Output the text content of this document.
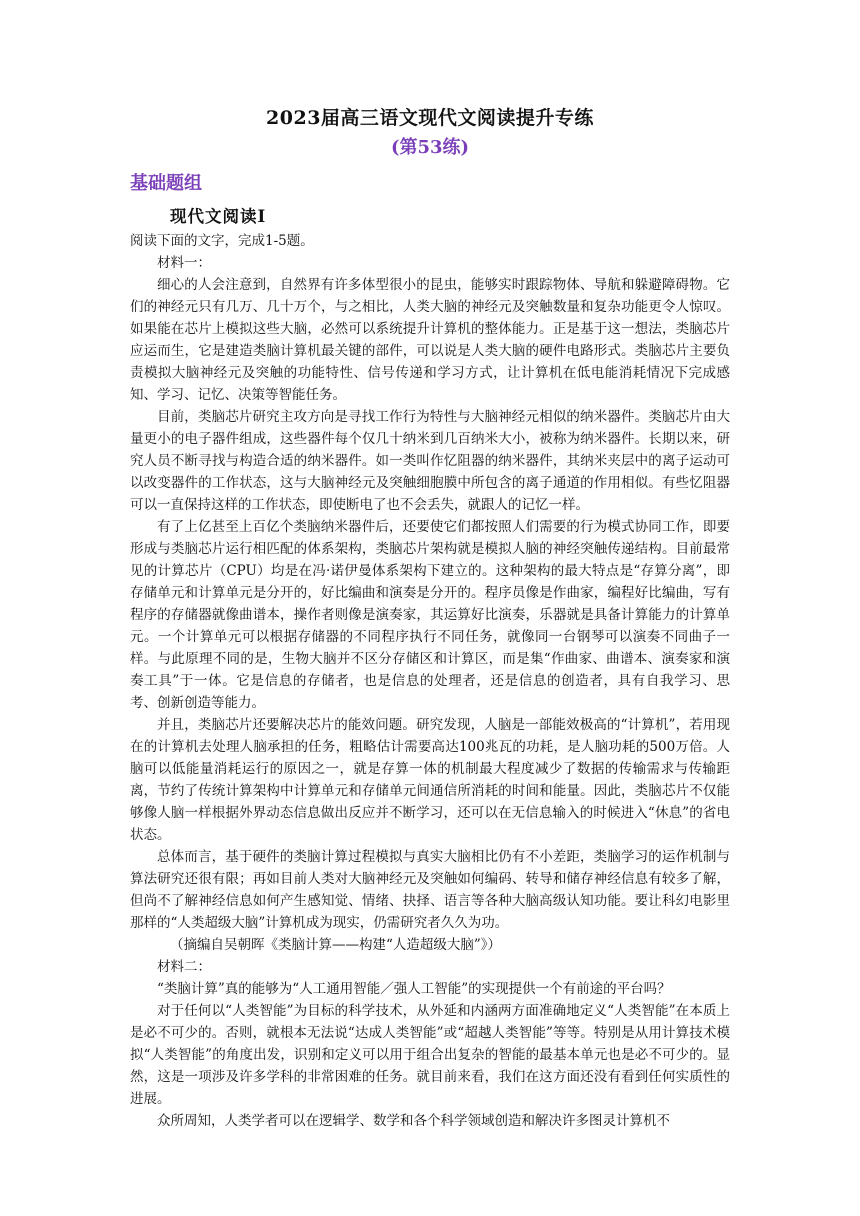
2023届高三语文现代文阅读提升专练
(第53练)
基础题组
现代文阅读Ⅰ

阅读下面的文字，完成1-5题。

材料一：

细心的人会注意到，自然界有许多体型很小的昆虫，能够实时跟踪物体、导航和躲避障碍物。它们的神经元只有几万、几十万个，与之相比，人类大脑的神经元及突触数量和复杂功能更令人惊叹。如果能在芯片上模拟这些大脑，必然可以系统提升计算机的整体能力。正是基于这一想法，类脑芯片应运而生，它是建造类脑计算机最关键的部件，可以说是人类大脑的硬件电路形式。类脑芯片主要负责模拟大脑神经元及突触的功能特性、信号传递和学习方式，让计算机在低电能消耗情况下完成感知、学习、记忆、决策等智能任务。

目前，类脑芯片研究主攻方向是寻找工作行为特性与大脑神经元相似的纳米器件。类脑芯片由大量更小的电子器件组成，这些器件每个仅几十纳米到几百纳米大小，被称为纳米器件。长期以来，研究人员不断寻找与构造合适的纳米器件。如一类叫作忆阻器的纳米器件，其纳米夹层中的离子运动可以改变器件的工作状态，这与大脑神经元及突触细胞膜中所包含的离子通道的作用相似。有些忆阻器可以一直保持这样的工作状态，即使断电了也不会丢失，就跟人的记忆一样。

有了上亿甚至上百亿个类脑纳米器件后，还要使它们都按照人们需要的行为模式协同工作，即要形成与类脑芯片运行相匹配的体系架构，类脑芯片架构就是模拟人脑的神经突触传递结构。目前最常见的计算芯片（CPU）均是在冯·诺伊曼体系架构下建立的。这种架构的最大特点是“存算分离”，即存储单元和计算单元是分开的，好比编曲和演奏是分开的。程序员像是作曲家，编程好比编曲，写有程序的存储器就像曲谱本，操作者则像是演奏家，其运算好比演奏，乐器就是具备计算能力的计算单元。一个计算单元可以根据存储器的不同程序执行不同任务，就像同一台钢琴可以演奏不同曲子一样。与此原理不同的是，生物大脑并不区分存储区和计算区，而是集“作曲家、曲谱本、演奏家和演奏工具”于一体。它是信息的存储者，也是信息的处理者，还是信息的创造者，具有自我学习、思考、创新创造等能力。

并且，类脑芯片还要解决芯片的能效问题。研究发现，人脑是一部能效极高的“计算机”，若用现在的计算机去处理人脑承担的任务，粗略估计需要高达100兆瓦的功耗，是人脑功耗的500万倍。人脑可以低能量消耗运行的原因之一，就是存算一体的机制最大程度减少了数据的传输需求与传输距离，节约了传统计算架构中计算单元和存储单元间通信所消耗的时间和能量。因此，类脑芯片不仅能够像人脑一样根据外界动态信息做出反应并不断学习，还可以在无信息输入的时候进入“休息”的省电状态。

总体而言，基于硬件的类脑计算过程模拟与真实大脑相比仍有不小差距，类脑学习的运作机制与算法研究还很有限；再如目前人类对大脑神经元及突触如何编码、转导和储存神经信息有较多了解，但尚不了解神经信息如何产生感知觉、情绪、抉择、语言等各种大脑高级认知功能。要让科幻电影里那样的“人类超级大脑”计算机成为现实，仍需研究者久久为功。

（摘编自吴朝晖《类脑计算——构建“人造超级大脑”》）

材料二：

“类脑计算”真的能够为“人工通用智能／强人工智能”的实现提供一个有前途的平台吗？

对于任何以“人类智能”为目标的科学技术，从外延和内涵两方面准确地定义“人类智能”在本质上是必不可少的。否则，就根本无法说“达成人类智能”或“超越人类智能”等等。特别是从用计算技术模拟“人类智能”的角度出发，识别和定义可以用于组合出复杂的智能的最基本单元也是必不可少的。显然，这是一项涉及许多学科的非常困难的任务。就目前来看，我们在这方面还没有看到任何实质性的进展。

众所周知，人类学者可以在逻辑学、数学和各个科学领域创造和解决许多图灵计算机不
